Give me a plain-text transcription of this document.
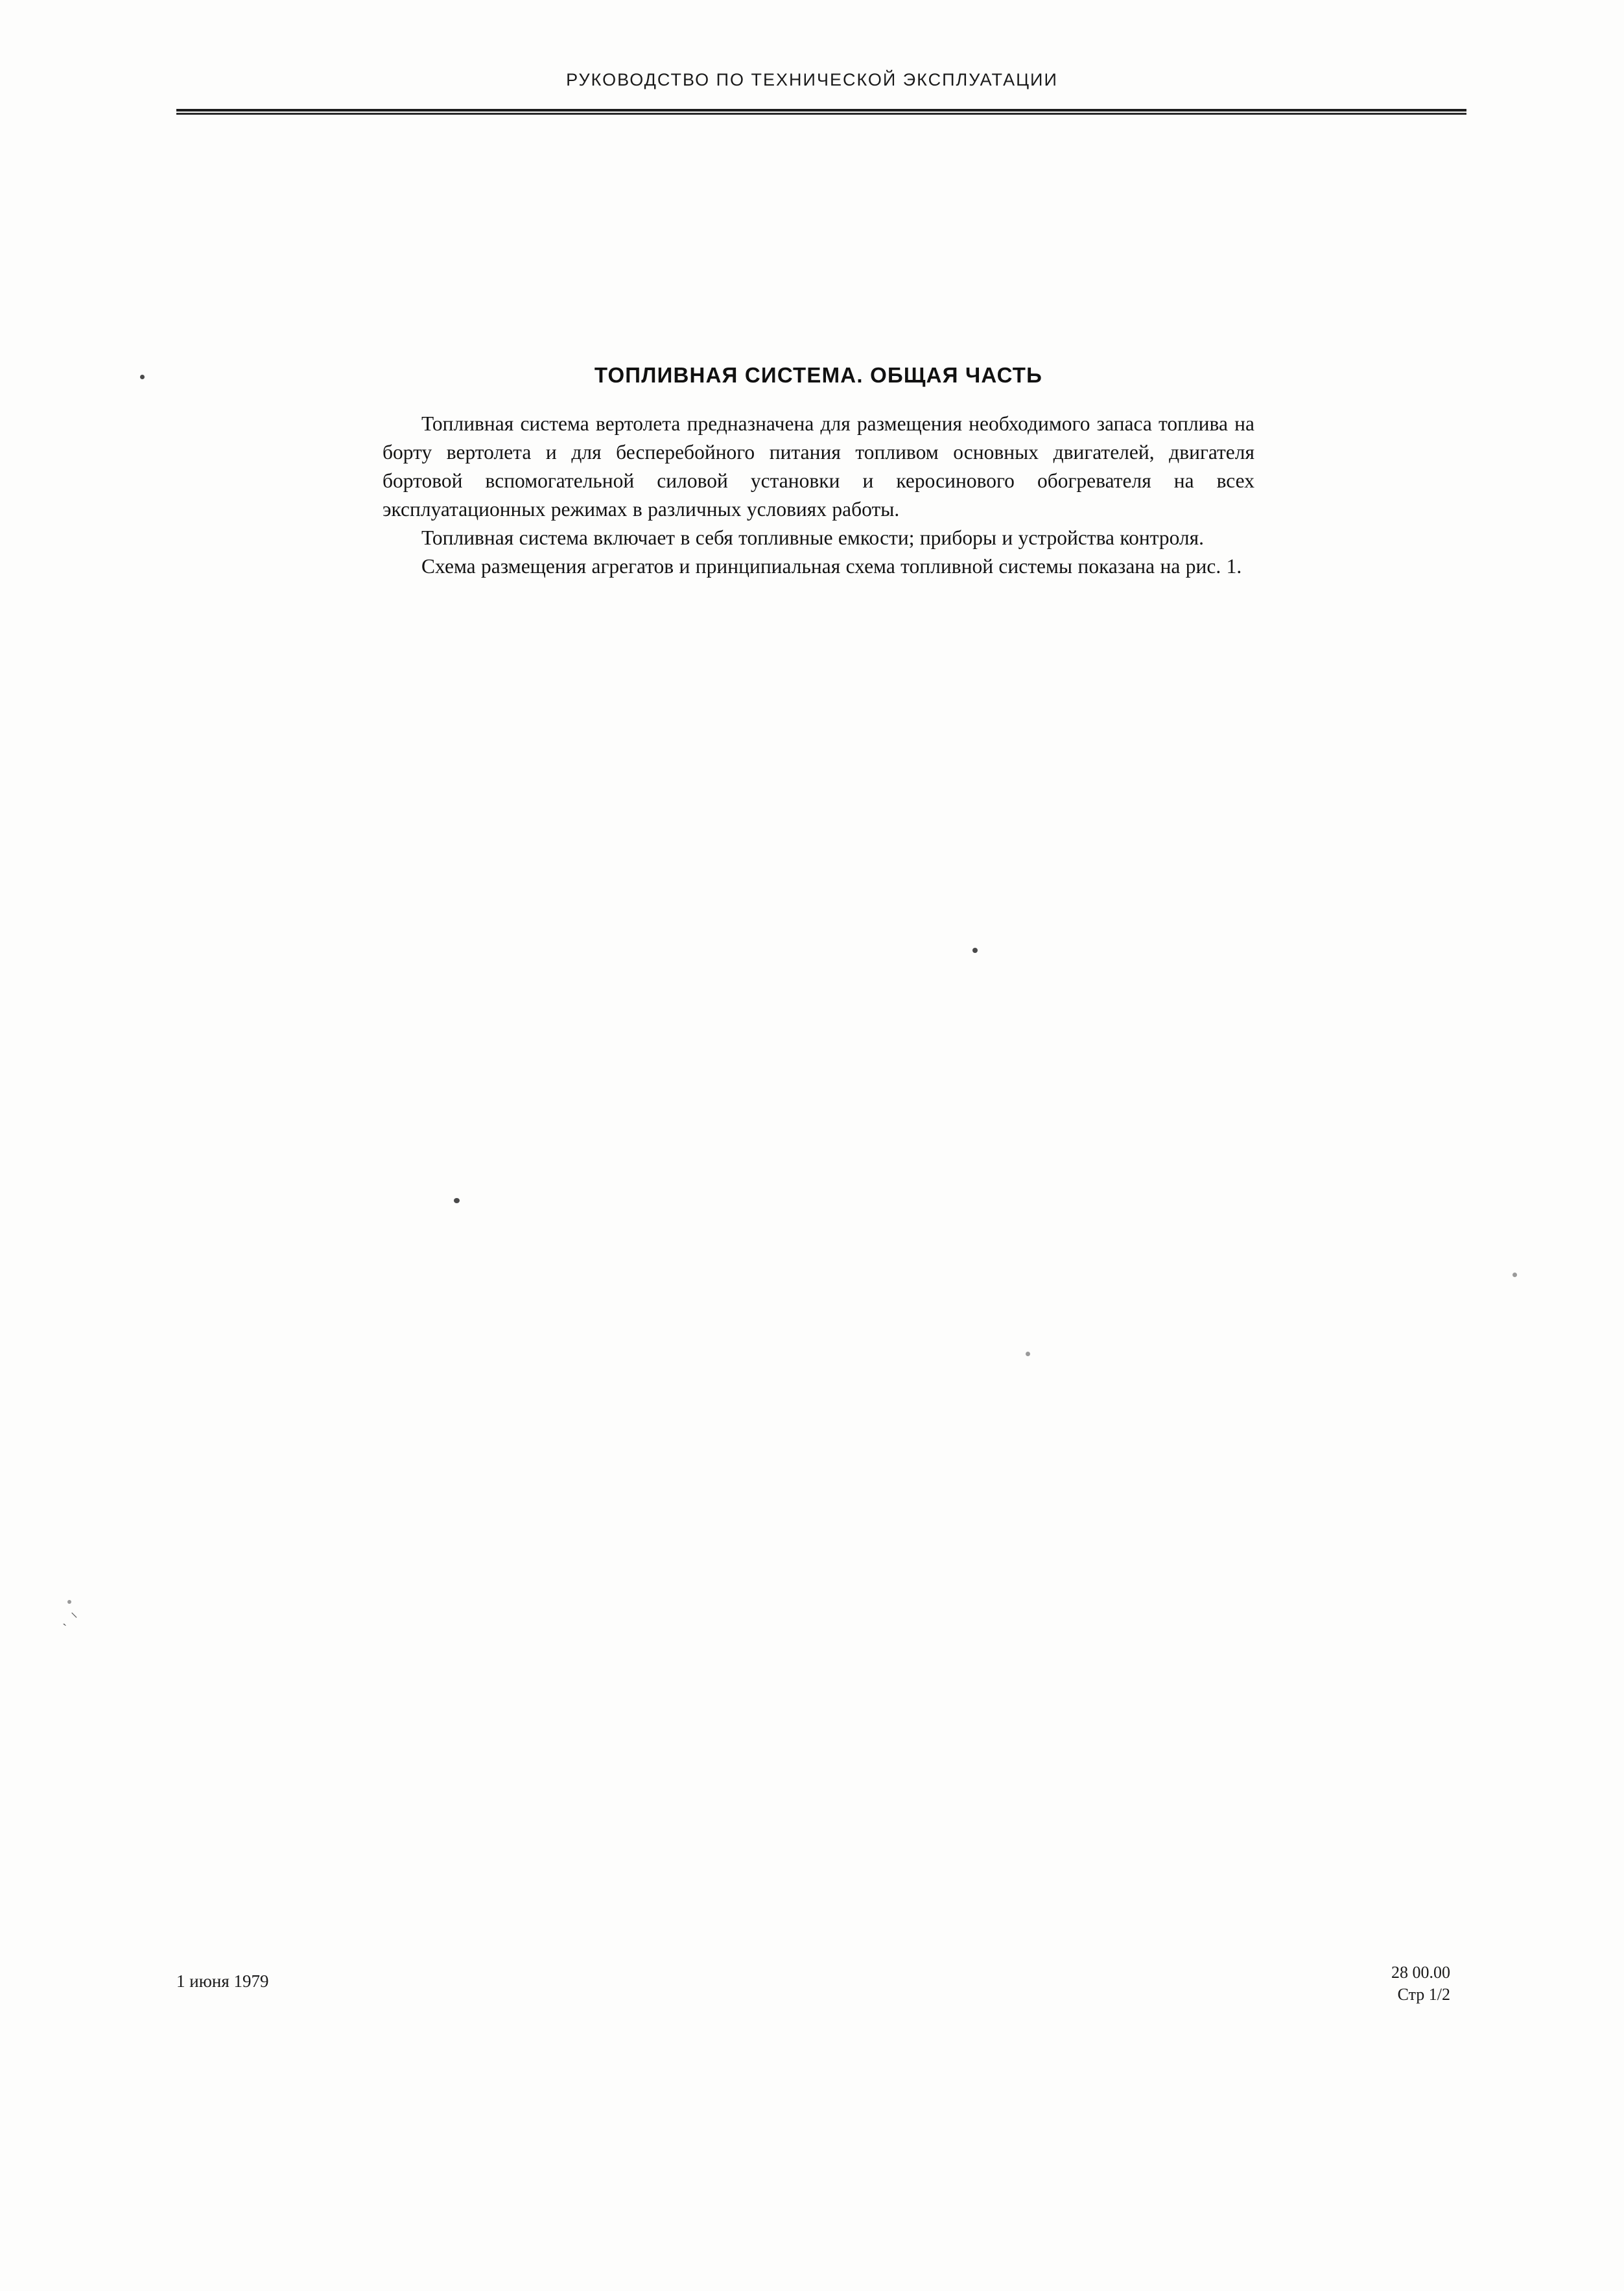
РУКОВОДСТВО ПО ТЕХНИЧЕСКОЙ ЭКСПЛУАТАЦИИ
ТОПЛИВНАЯ СИСТЕМА. ОБЩАЯ ЧАСТЬ

Топливная система вертолета предназначена для размещения необходимого запаса топлива на борту вертолета и для бесперебойного питания топливом основных двигателей, двигателя бортовой вспомогательной силовой установки и керосинового обогревателя на всех эксплуатационных режимах в различных условиях работы.

Топливная система включает в себя топливные емкости; приборы и устройства контроля.

Схема размещения агрегатов и принципиальная схема топливной системы показана на рис. 1.

1 июня 1979	28 00.00
Стр 1/2
ˎ ⸌
